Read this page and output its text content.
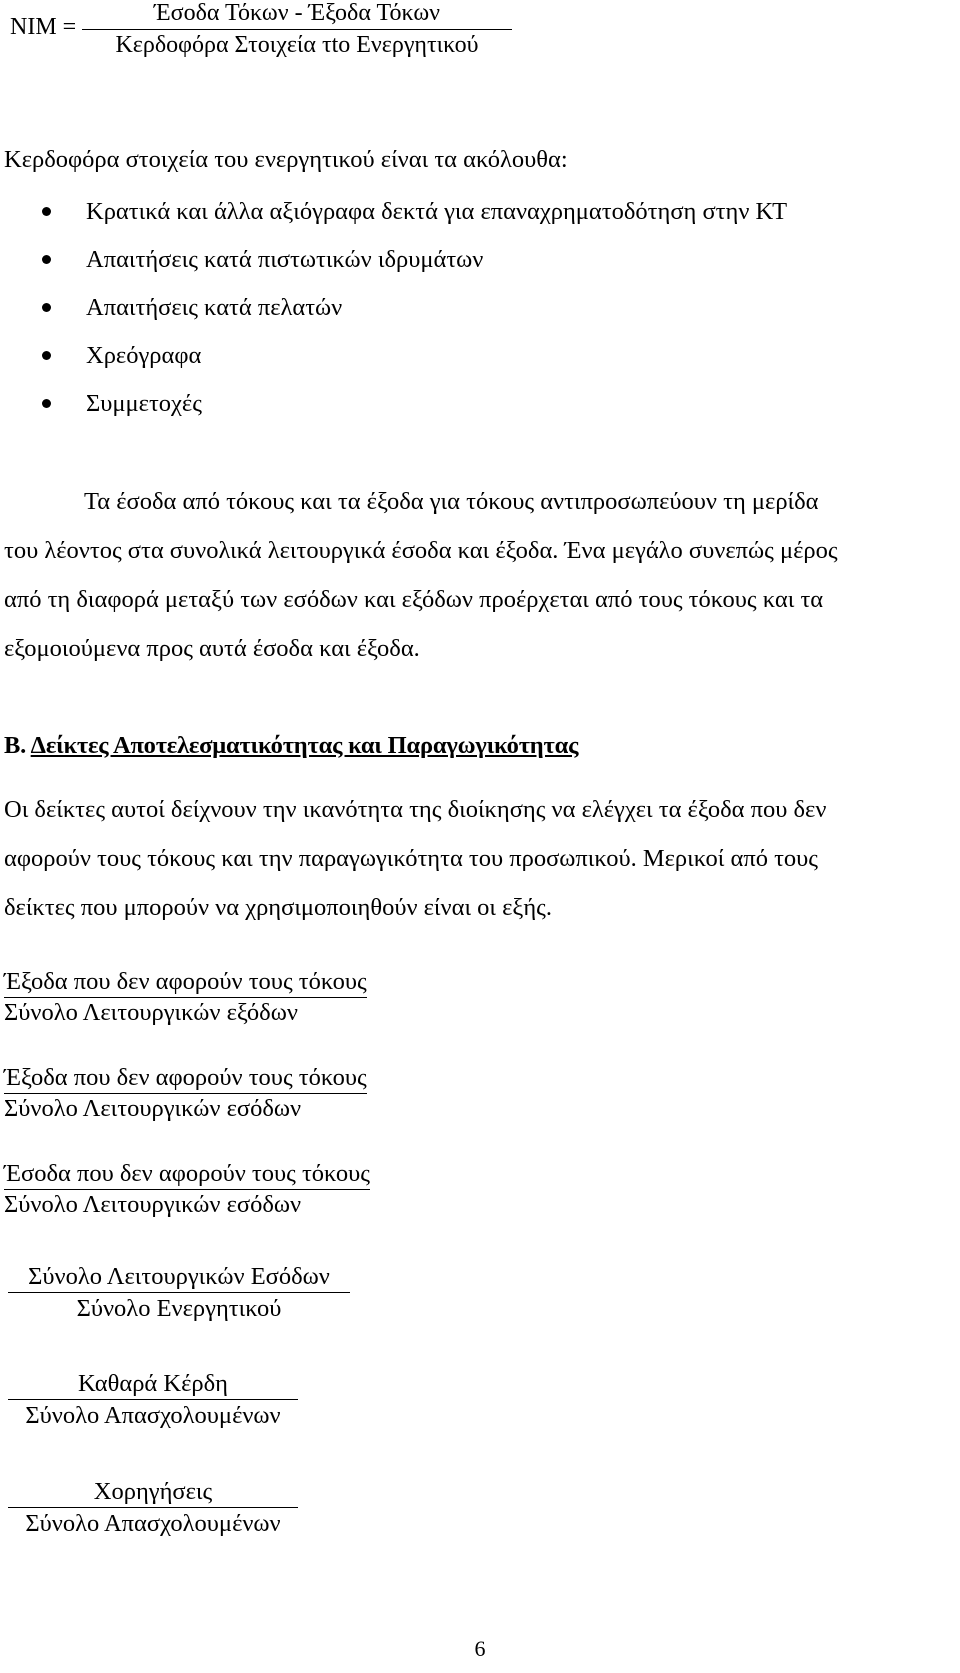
NIM =
Έσοδα Τόκων - Έξοδα Τόκων
Κερδοφόρα Στοιχεία τto Ενεργητικού
Κερδοφόρα στοιχεία του ενεργητικού είναι τα ακόλουθα:
Κρατικά και άλλα αξιόγραφα δεκτά για επαναχρηματοδότηση στην ΚΤ
Απαιτήσεις κατά πιστωτικών ιδρυμάτων
Απαιτήσεις κατά πελατών
Χρεόγραφα
Συμμετοχές
Τα έσοδα από τόκους και τα έξοδα για τόκους αντιπροσωπεύουν τη μερίδα
του λέοντος στα συνολικά λειτουργικά έσοδα και έξοδα. Ένα μεγάλο συνεπώς μέρος
από τη διαφορά μεταξύ των εσόδων και εξόδων προέρχεται από τους τόκους και τα
εξομοιούμενα προς αυτά έσοδα και έξοδα.
Β. Δείκτες Αποτελεσματικότητας και Παραγωγικότητας
Οι δείκτες αυτοί δείχνουν την ικανότητα της διοίκησης να ελέγχει τα έξοδα που δεν
αφορούν τους τόκους και την παραγωγικότητα του προσωπικού. Μερικοί από τους
δείκτες που μπορούν να χρησιμοποιηθούν είναι οι εξής.
Έξοδα που δεν αφορούν τους τόκους
Σύνολο Λειτουργικών εξόδων
Έξοδα που δεν αφορούν τους τόκους
Σύνολο Λειτουργικών εσόδων
Έσοδα που δεν αφορούν τους τόκους
Σύνολο Λειτουργικών εσόδων
Σύνολο Λειτουργικών Εσόδων
Σύνολο Ενεργητικού
Καθαρά Κέρδη
Σύνολο Απασχολουμένων
Χορηγήσεις
Σύνολο Απασχολουμένων
6
